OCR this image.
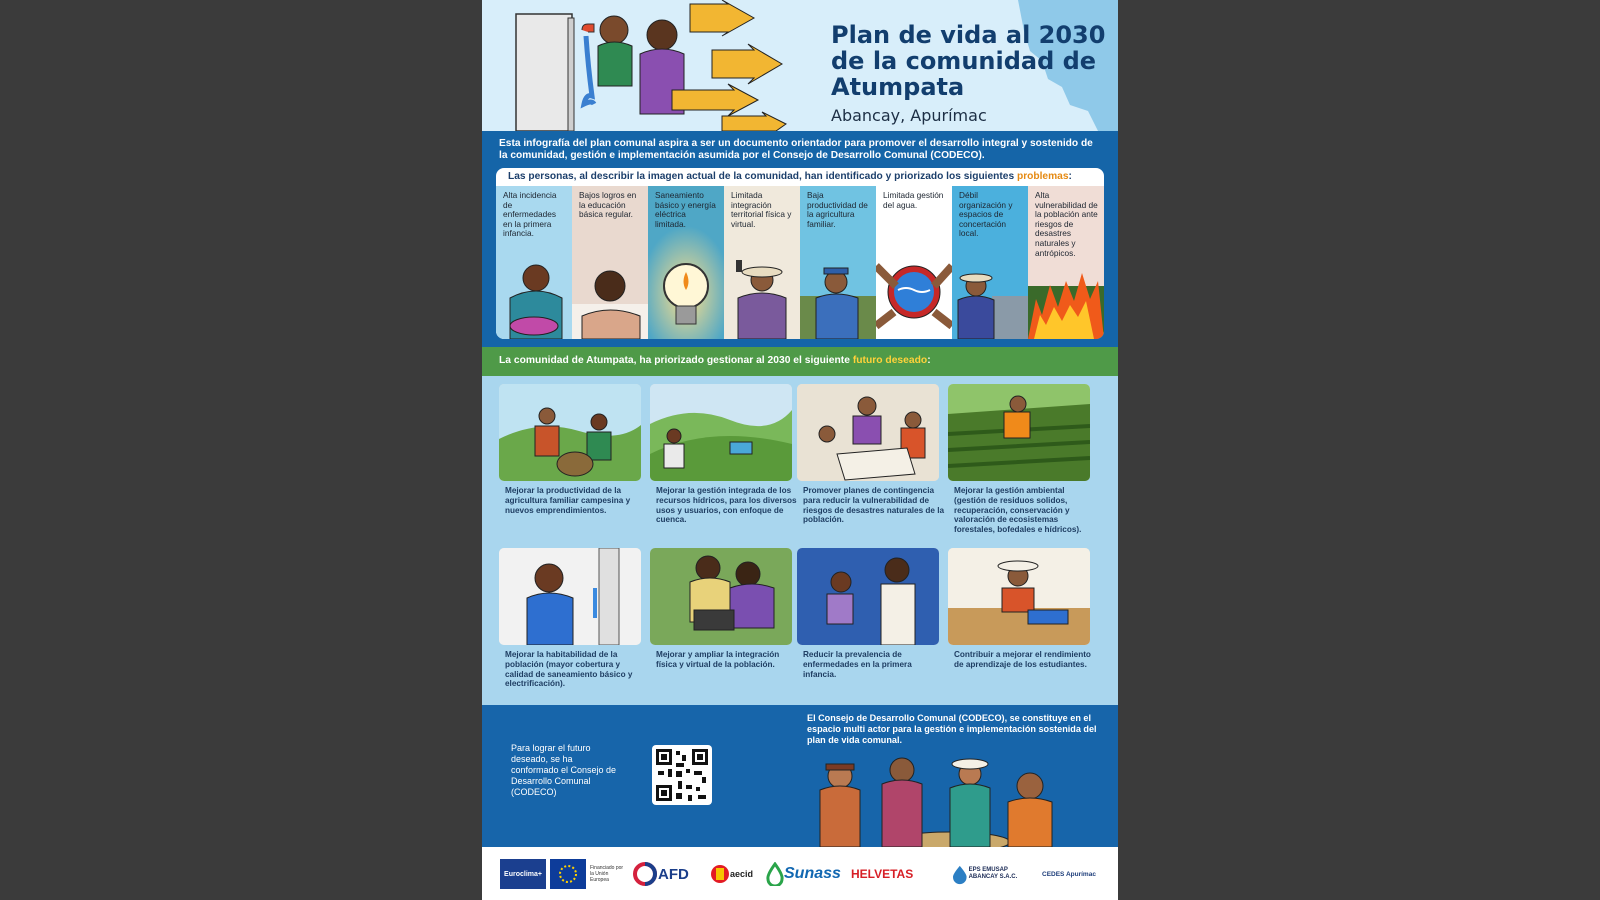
Plan de vida al 2030 de la comunidad de Atumpata
Abancay, Apurímac
Esta infografía del plan comunal aspira a ser un documento orientador para promover el desarrollo integral y sostenido de la comunidad, gestión e implementación asumida por el Consejo de Desarrollo Comunal (CODECO).
Las personas, al describir la imagen actual de la comunidad, han identificado y priorizado los siguientes problemas:
Alta incidencia de enfermedades en la primera infancia.
Bajos logros en la educación básica regular.
Saneamiento básico y energía eléctrica limitada.
Limitada integración territorial física y virtual.
Baja productividad de la agricultura familiar.
Limitada gestión del agua.
Débil organización y espacios de concertación local.
Alta vulnerabilidad de la población ante riesgos de desastres naturales y antrópicos.
La comunidad de Atumpata, ha priorizado gestionar al 2030 el siguiente futuro deseado:
Mejorar la productividad de la agricultura familiar campesina y nuevos emprendimientos.
Mejorar la gestión integrada de los recursos hídricos, para los diversos usos y usuarios, con enfoque de cuenca.
Promover planes de contingencia para reducir la vulnerabilidad de riesgos de desastres naturales de la población.
Mejorar la gestión ambiental (gestión de residuos solidos, recuperación, conservación y valoración de ecosistemas forestales, bofedales e hídricos).
Mejorar la habitabilidad de la población (mayor cobertura y calidad de saneamiento básico y electrificación).
Mejorar y ampliar la integración física y virtual de la población.
Reducir la prevalencia de enfermedades en la primera infancia.
Contribuir a mejorar el rendimiento de aprendizaje de los estudiantes.
Para lograr el futuro deseado, se ha conformado el Consejo de Desarrollo Comunal (CODECO)
El Consejo de Desarrollo Comunal (CODECO), se constituye en el espacio multi actor para la gestión e implementación sostenida del plan de vida comunal.
Euroclima+
Financiado por la Unión Europea	AFD	aecid Sunass HELVETAS	EPS EMUSAP ABANCAY S.A.C.	CEDES Apurímac
